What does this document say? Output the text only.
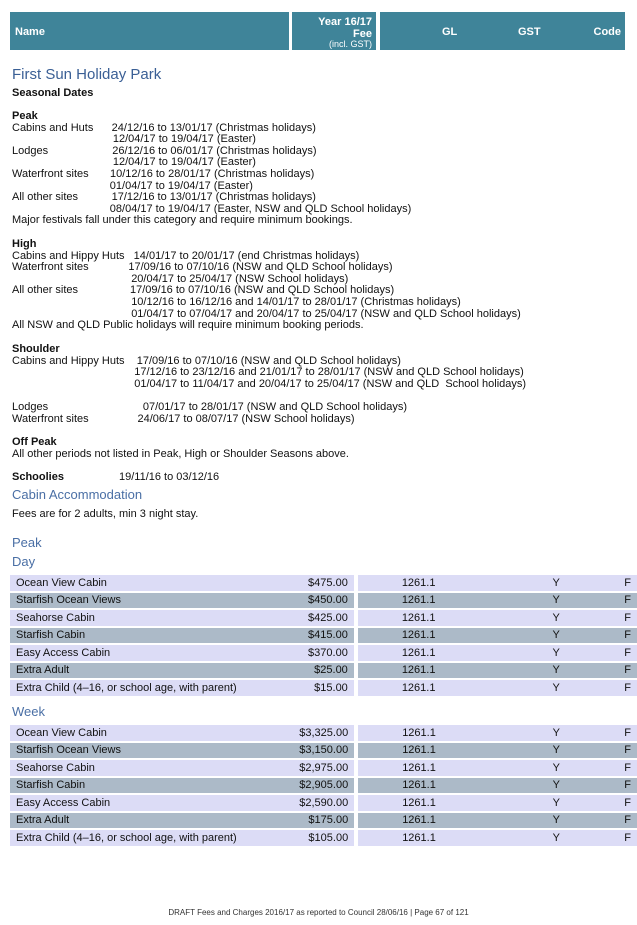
Name
Year 16/17
Fee
(incl. GST)
GL	GST	Code
First Sun Holiday Park
Seasonal Dates
Peak
Cabins and Huts      24/12/16 to 13/01/17 (Christmas holidays)
12/04/17 to 19/04/17 (Easter)
Lodges                     26/12/16 to 06/01/17 (Christmas holidays)
12/04/17 to 19/04/17 (Easter)
Waterfront sites       10/12/16 to 28/01/17 (Christmas holidays)
01/04/17 to 19/04/17 (Easter)
All other sites           17/12/16 to 13/01/17 (Christmas holidays)
08/04/17 to 19/04/17 (Easter, NSW and QLD School holidays)
Major festivals fall under this category and require minimum bookings.
High
Cabins and Hippy Huts   14/01/17 to 20/01/17 (end Christmas holidays)
Waterfront sites             17/09/16 to 07/10/16 (NSW and QLD School holidays)
20/04/17 to 25/04/17 (NSW School holidays)
All other sites                 17/09/16 to 07/10/16 (NSW and QLD School holidays)
10/12/16 to 16/12/16 and 14/01/17 to 28/01/17 (Christmas holidays)
01/04/17 to 07/04/17 and 20/04/17 to 25/04/17 (NSW and QLD School holidays)
All NSW and QLD Public holidays will require minimum booking periods.
Shoulder
Cabins and Hippy Huts    17/09/16 to 07/10/16 (NSW and QLD School holidays)
17/12/16 to 23/12/16 and 21/01/17 to 28/01/17 (NSW and QLD School holidays)
01/04/17 to 11/04/17 and 20/04/17 to 25/04/17 (NSW and QLD  School holidays)
Lodges                               07/01/17 to 28/01/17 (NSW and QLD School holidays)
Waterfront sites                24/06/17 to 08/07/17 (NSW School holidays)
Off Peak
All other periods not listed in Peak, High or Shoulder Seasons above.
Schoolies	19/11/16 to 03/12/16
Cabin Accommodation
Fees are for 2 adults, min 3 night stay.
Peak
Day
Ocean View Cabin	$475.00	1261.1	Y	F
Starfish Ocean Views	$450.00	1261.1	Y	F
Seahorse Cabin	$425.00	1261.1	Y	F
Starfish Cabin	$415.00	1261.1	Y	F
Easy Access Cabin	$370.00	1261.1	Y	F
Extra Adult	$25.00	1261.1	Y	F
Extra Child (4–16, or school age, with parent)	$15.00	1261.1	Y	F
Week
Ocean View Cabin	$3,325.00	1261.1	Y	F
Starfish Ocean Views	$3,150.00	1261.1	Y	F
Seahorse Cabin	$2,975.00	1261.1	Y	F
Starfish Cabin	$2,905.00	1261.1	Y	F
Easy Access Cabin	$2,590.00	1261.1	Y	F
Extra Adult	$175.00	1261.1	Y	F
Extra Child (4–16, or school age, with parent)	$105.00	1261.1	Y	F
DRAFT Fees and Charges 2016/17 as reported to Council 28/06/16 | Page 67 of 121
